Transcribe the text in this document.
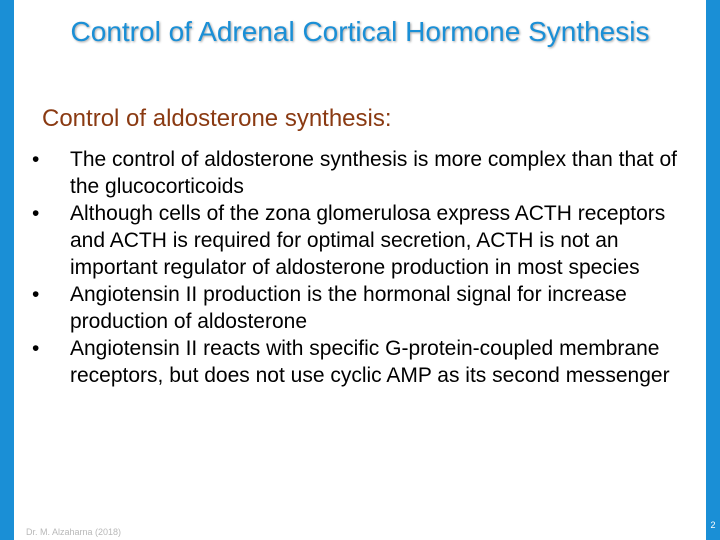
Control of Adrenal Cortical Hormone Synthesis
Control of aldosterone synthesis:
• The control of aldosterone synthesis is more complex than that of the glucocorticoids
• Although cells of the zona glomerulosa express ACTH receptors and ACTH is required for optimal secretion, ACTH is not an important regulator of aldosterone production in most species
• Angiotensin II production is the hormonal signal for increase production of aldosterone
• Angiotensin II reacts with specific G-protein-coupled membrane receptors, but does not use cyclic AMP as its second messenger
Dr. M. Alzaharna (2018)
2
